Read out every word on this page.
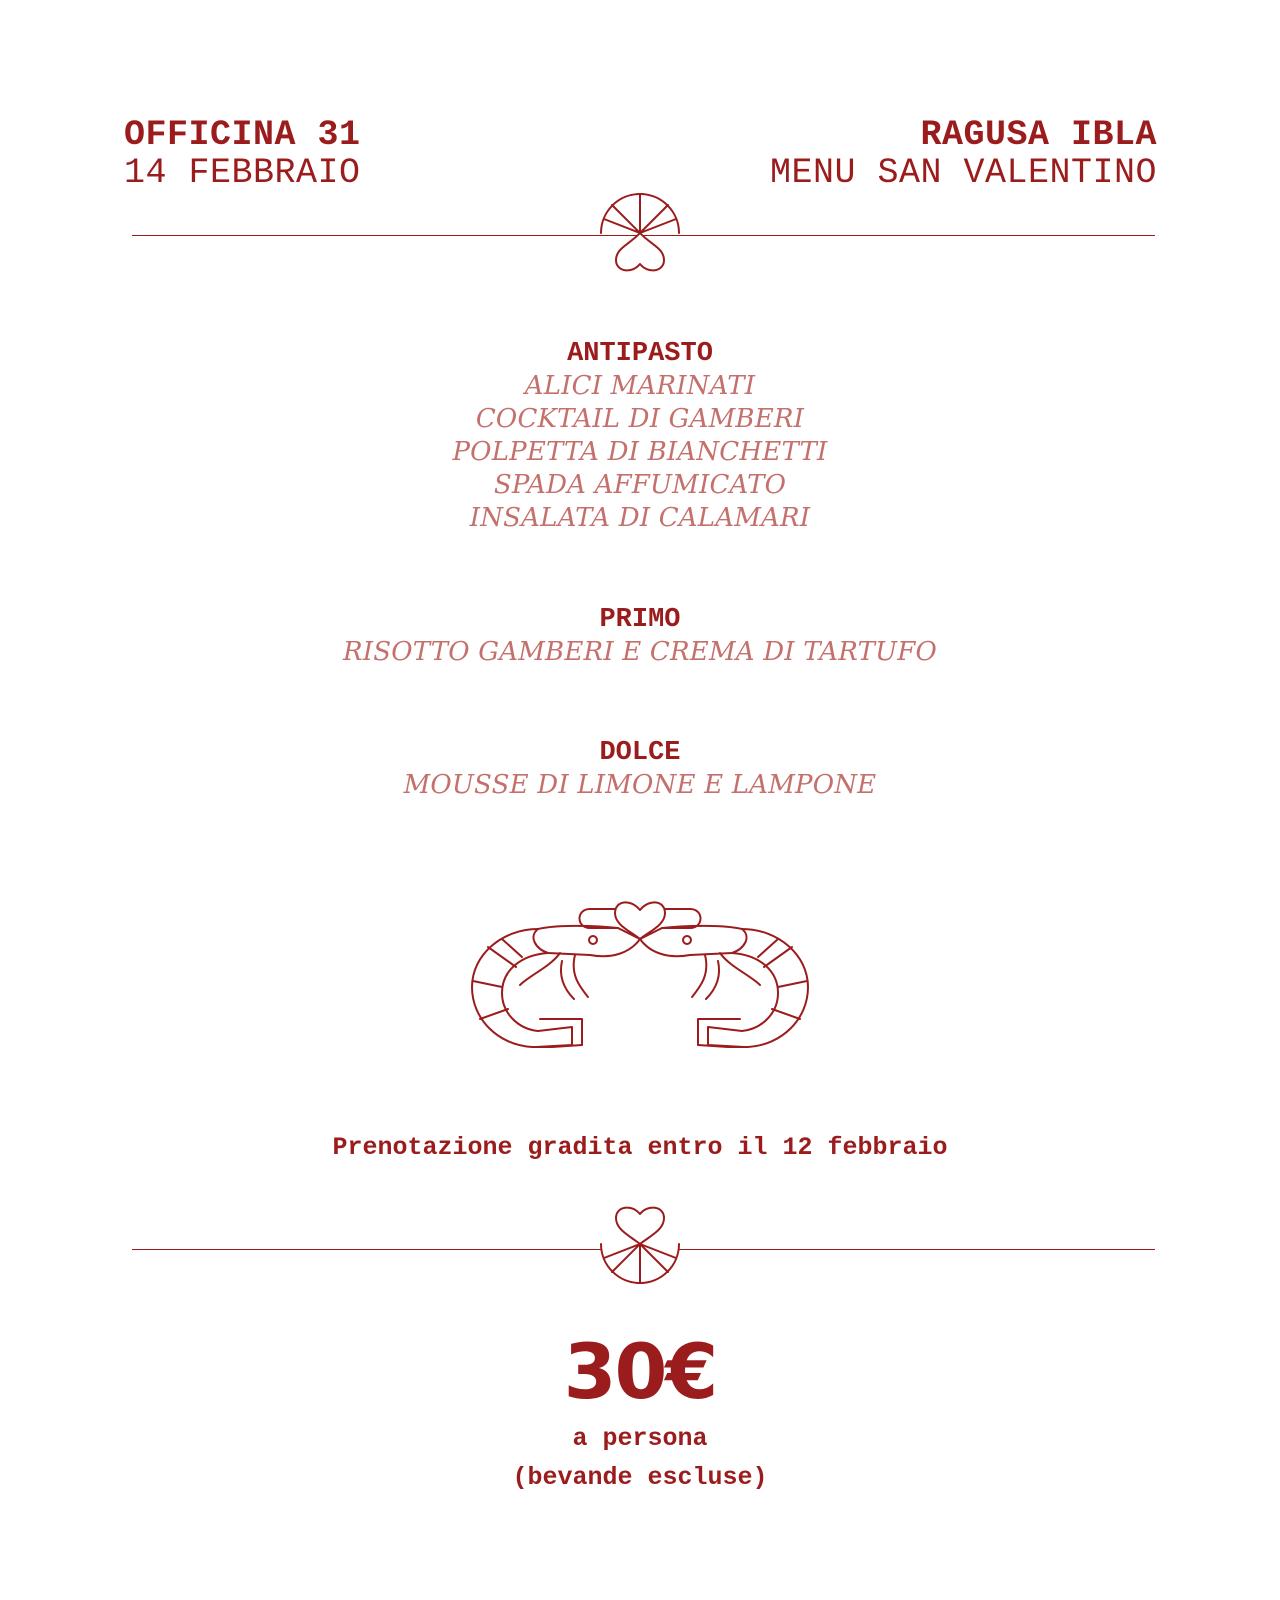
OFFICINA 31
14 FEBBRAIO
RAGUSA IBLA
MENU SAN VALENTINO
ANTIPASTO
ALICI MARINATI
COCKTAIL DI GAMBERI
POLPETTA DI BIANCHETTI
SPADA AFFUMICATO
INSALATA DI CALAMARI
PRIMO
RISOTTO GAMBERI E CREMA DI TARTUFO
DOLCE
MOUSSE DI LIMONE E LAMPONE
Prenotazione gradita entro il 12 febbraio
30€
a persona
(bevande escluse)
